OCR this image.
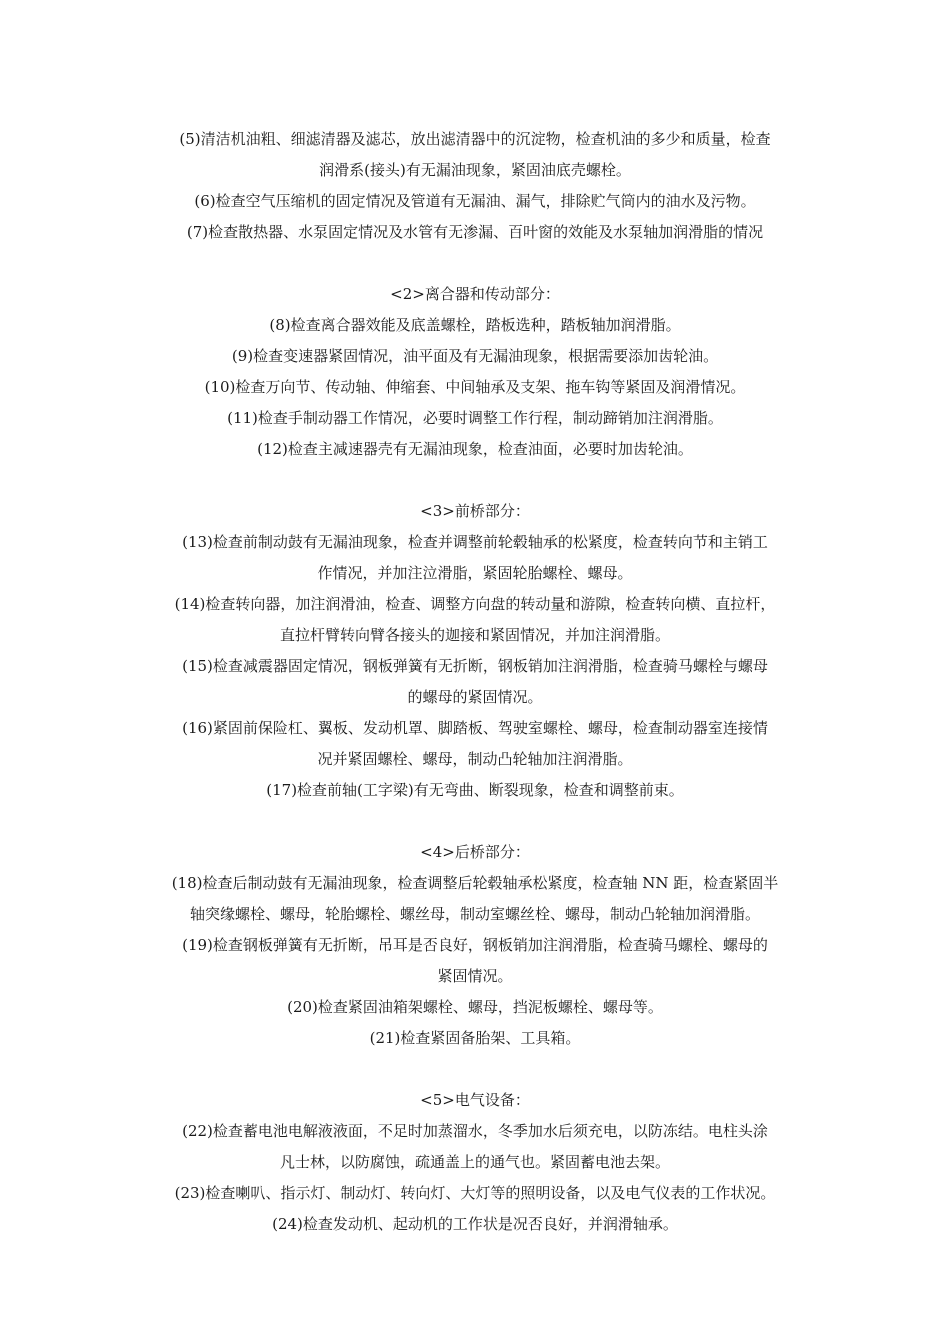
(5)清洁机油粗、细滤清器及滤芯，放出滤清器中的沉淀物，检查机油的多少和质量，检查
润滑系(接头)有无漏油现象，紧固油底壳螺栓。
(6)检查空气压缩机的固定情况及管道有无漏油、漏气，排除贮气筒内的油水及污物。
(7)检查散热器、水泵固定情况及水管有无渗漏、百叶窗的效能及水泵轴加润滑脂的情况
<2>离合器和传动部分：
(8)检查离合器效能及底盖螺栓，踏板选种，踏板轴加润滑脂。
(9)检查变速器紧固情况，油平面及有无漏油现象，根据需要添加齿轮油。
(10)检查万向节、传动轴、伸缩套、中间轴承及支架、拖车钩等紧固及润滑情况。
(11)检查手制动器工作情况，必要时调整工作行程，制动蹄销加注润滑脂。
(12)检查主减速器壳有无漏油现象，检查油面，必要时加齿轮油。
<3>前桥部分：
(13)检查前制动鼓有无漏油现象，检查并调整前轮毂轴承的松紧度，检查转向节和主销工
作情况，并加注泣滑脂，紧固轮胎螺栓、螺母。
(14)检查转向器，加注润滑油，检查、调整方向盘的转动量和游隙，检查转向横、直拉杆，
直拉杆臂转向臂各接头的迦接和紧固情况，并加注润滑脂。
(15)检查减震器固定情况，钢板弹簧有无折断，钢板销加注润滑脂，检查骑马螺栓与螺母
的螺母的紧固情况。
(16)紧固前保险杠、翼板、发动机罩、脚踏板、驾驶室螺栓、螺母，检查制动器室连接情
况并紧固螺栓、螺母，制动凸轮轴加注润滑脂。
(17)检查前轴(工字梁)有无弯曲、断裂现象，检查和调整前束。
<4>后桥部分：
(18)检查后制动鼓有无漏油现象，检查调整后轮毂轴承松紧度，检查轴 NN 距，检查紧固半
轴突缘螺栓、螺母，轮胎螺栓、螺丝母，制动室螺丝栓、螺母，制动凸轮轴加润滑脂。
(19)检查钢板弹簧有无折断，吊耳是否良好，钢板销加注润滑脂，检查骑马螺栓、螺母的
紧固情况。
(20)检查紧固油箱架螺栓、螺母，挡泥板螺栓、螺母等。
(21)检查紧固备胎架、工具箱。
<5>电气设备：
(22)检查蓄电池电解液液面，不足时加蒸溜水，冬季加水后须充电，以防冻结。电柱头涂
凡士林，以防腐蚀，疏通盖上的通气也。紧固蓄电池去架。
(23)检查喇叭、指示灯、制动灯、转向灯、大灯等的照明设备，以及电气仪表的工作状况。
(24)检查发动机、起动机的工作状是况否良好，并润滑轴承。
